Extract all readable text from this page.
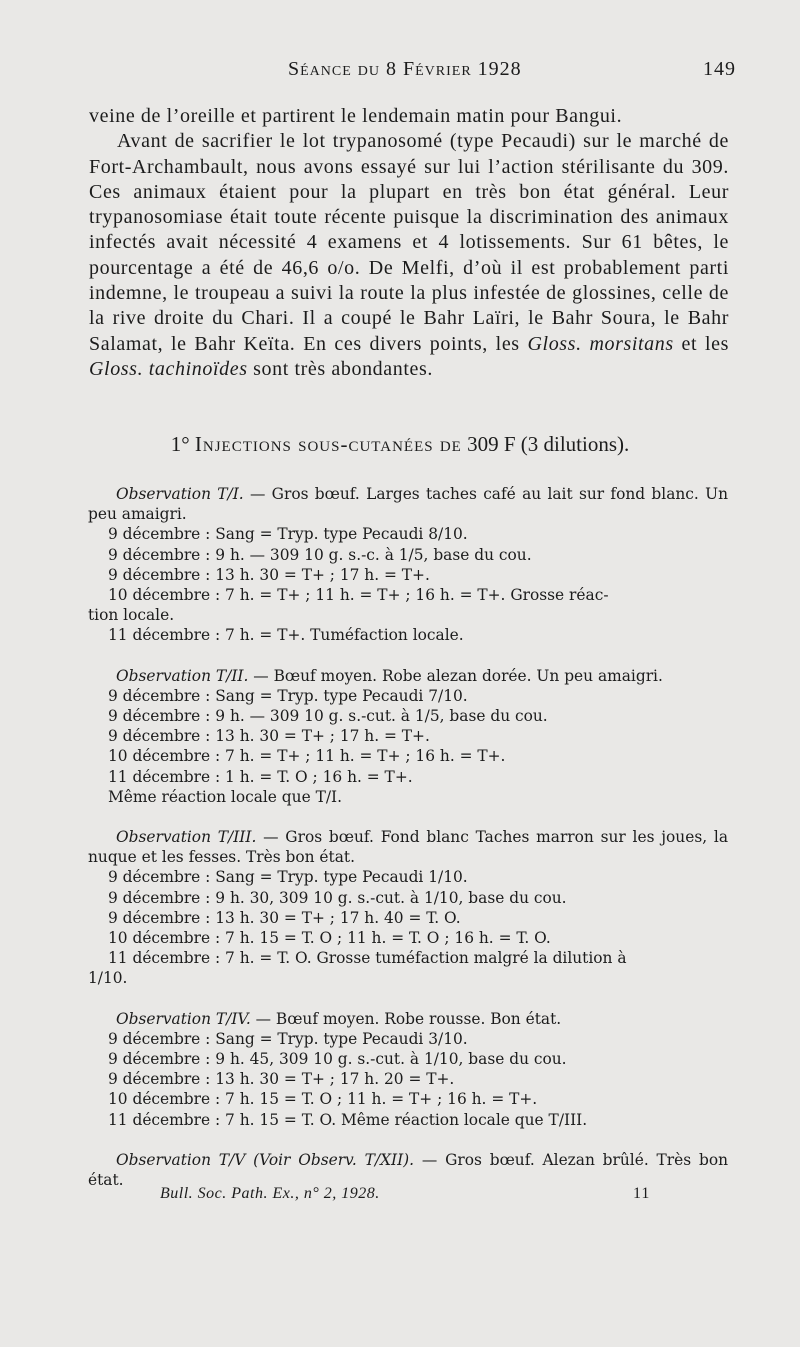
Séance du 8 Février 1928	149

veine de l’oreille et partirent le lendemain matin pour Bangui.

Avant de sacrifier le lot trypanosomé (type Pecaudi) sur le marché de Fort-Archambault, nous avons essayé sur lui l’action stérilisante du 309. Ces animaux étaient pour la plupart en très bon état général. Leur trypanosomiase était toute récente puisque la discrimination des animaux infectés avait nécessité 4 examens et 4 lotissements. Sur 61 bêtes, le pourcentage a été de 46,6 o/o. De Melfi, d’où il est probablement parti indemne, le troupeau a suivi la route la plus infestée de glossines, celle de la rive droite du Chari. Il a coupé le Bahr Laïri, le Bahr Soura, le Bahr Salamat, le Bahr Keïta. En ces divers points, les Gloss. morsitans et les Gloss. tachinoïdes sont très abondantes.

1° Injections sous-cutanées de 309 F (3 dilutions).
Observation T/I. — Gros bœuf. Larges taches café au lait sur fond blanc. Un peu amaigri.
9 décembre : Sang = Tryp. type Pecaudi 8/10.
9 décembre : 9 h. — 309 10 g. s.-c. à 1/5, base du cou.
9 décembre : 13 h. 30 = T+ ; 17 h. = T+.
10 décembre : 7 h. = T+ ; 11 h. = T+ ; 16 h. = T+. Grosse réac-
tion locale.
11 décembre : 7 h. = T+. Tuméfaction locale.
Observation T/II. — Bœuf moyen. Robe alezan dorée. Un peu amaigri.
9 décembre : Sang = Tryp. type Pecaudi 7/10.
9 décembre : 9 h. — 309 10 g. s.-cut. à 1/5, base du cou.
9 décembre : 13 h. 30 = T+ ; 17 h. = T+.
10 décembre : 7 h. = T+ ; 11 h. = T+ ; 16 h. = T+.
11 décembre : 1 h. = T. O ; 16 h. = T+.
Même réaction locale que T/I.
Observation T/III. — Gros bœuf. Fond blanc Taches marron sur les joues, la nuque et les fesses. Très bon état.
9 décembre : Sang = Tryp. type Pecaudi 1/10.
9 décembre : 9 h. 30, 309 10 g. s.-cut. à 1/10, base du cou.
9 décembre : 13 h. 30 = T+ ; 17 h. 40 = T. O.
10 décembre : 7 h. 15 = T. O ; 11 h. = T. O ; 16 h. = T. O.
11 décembre : 7 h. = T. O. Grosse tuméfaction malgré la dilution à
1/10.
Observation T/IV. — Bœuf moyen. Robe rousse. Bon état.
9 décembre : Sang = Tryp. type Pecaudi 3/10.
9 décembre : 9 h. 45, 309 10 g. s.-cut. à 1/10, base du cou.
9 décembre : 13 h. 30 = T+ ; 17 h. 20 = T+.
10 décembre : 7 h. 15 = T. O ; 11 h. = T+ ; 16 h. = T+.
11 décembre : 7 h. 15 = T. O. Même réaction locale que T/III.
Observation T/V (Voir Observ. T/XII). — Gros bœuf. Alezan brûlé. Très bon état.
Bull. Soc. Path. Ex., n° 2, 1928.	11
